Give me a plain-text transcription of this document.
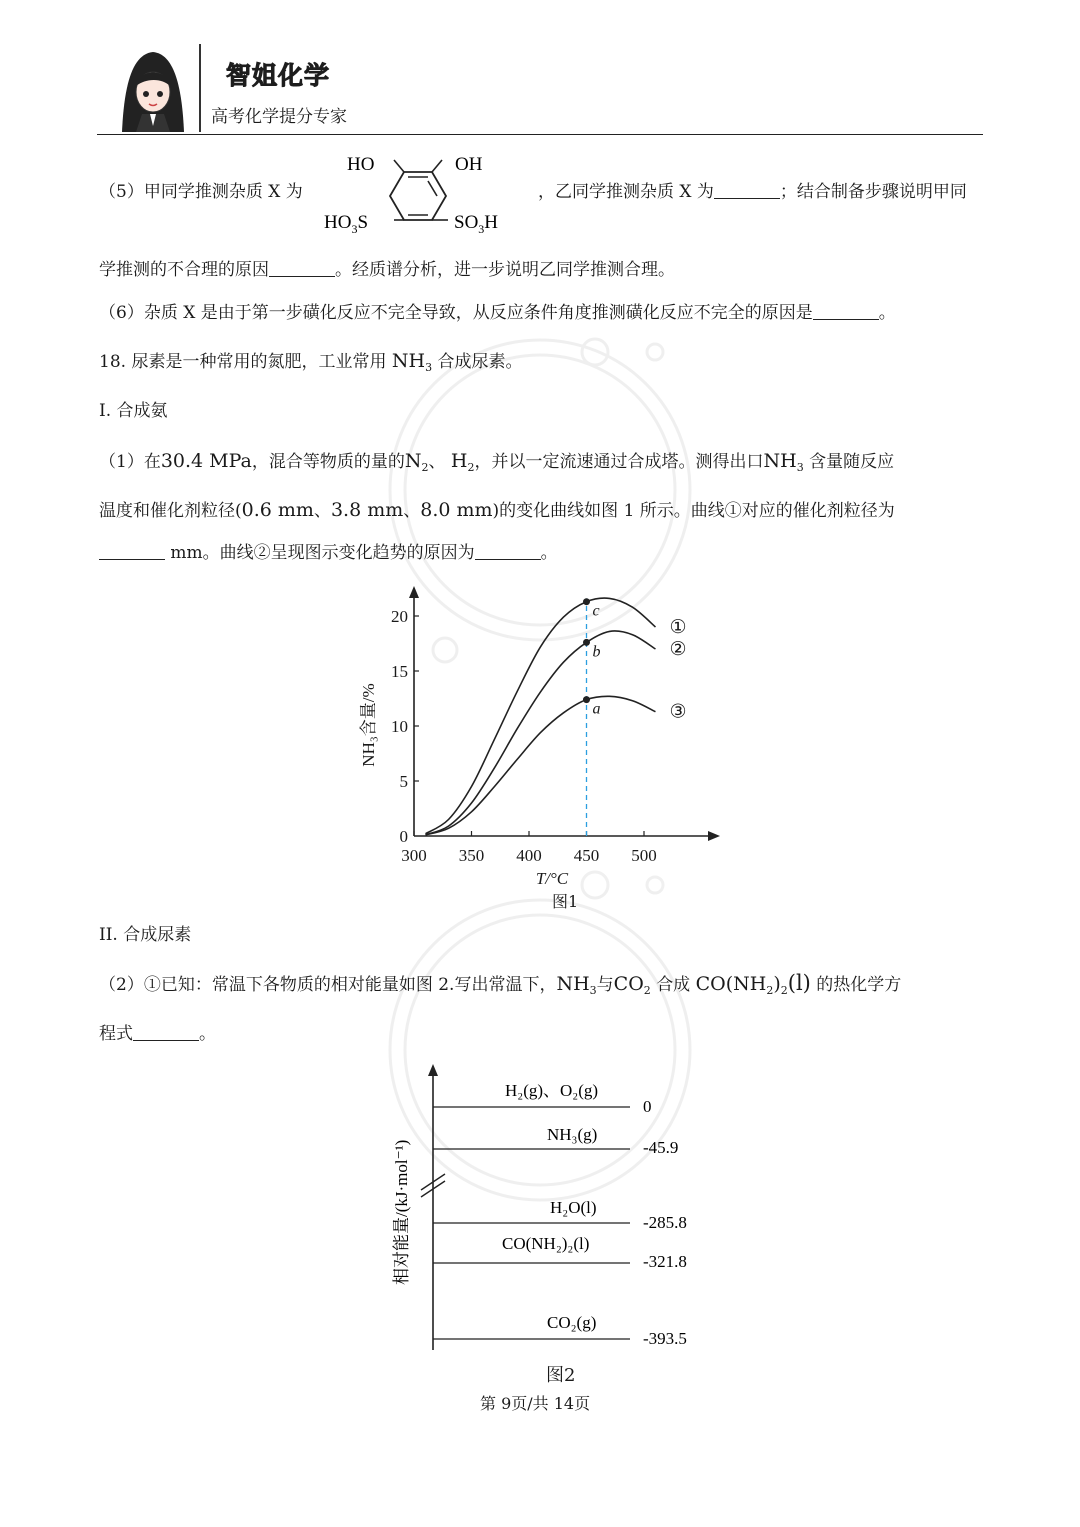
智姐化学
高考化学提分专家
（5）甲同学推测杂质 X 为
HO	OH
$HO_3S$	$SO_3H$
，乙同学推测杂质 X 为	；结合制备步骤说明甲同
学推测的不合理的原因	。经质谱分析，进一步说明乙同学推测合理。
（6）杂质 X 是由于第一步磺化反应不完全导致，从反应条件角度推测磺化反应不完全的原因是	。
18. 尿素是一种常用的氮肥，工业常用 $NH_3$ 合成尿素。
I. 合成氨
（1）在30.4 MPa，混合等物质的量的$N_2$、 $H_2$，并以一定流速通过合成塔。测得出口$NH_3$ 含量随反应
温度和催化剂粒径(0.6 mm、3.8 mm、8.0 mm)的变化曲线如图 1 所示。曲线①对应的催化剂粒径为
mm。曲线②呈现图示变化趋势的原因为	。
300 350 400 450 500
0
5
10
15
20
T/°C
NH₃含量/%
①
②
③
c
b
a
图1
II. 合成尿素
（2）①已知：常温下各物质的相对能量如图 2.写出常温下，$NH_3$与$CO_2$ 合成 $CO(NH_2)_2(l)$ 的热化学方
程式	。
相对能量/(kJ·mol⁻¹)
H₂(g)、O₂(g)
0
NH₃(g)
-45.9
H₂O(l)
-285.8
CO(NH₂)₂(l)
-321.8
CO₂(g)
-393.5
图2
第 9页/共 14页
